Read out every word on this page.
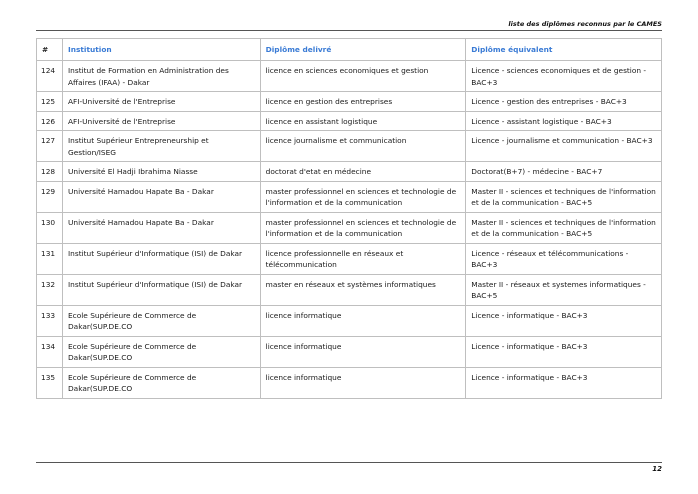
liste des diplômes reconnus par le CAMES
#	Institution	Diplôme delivré	Diplôme équivalent
124	Institut de Formation en Administration des Affaires (IFAA) - Dakar	licence en sciences economiques et gestion	Licence - sciences economiques et de gestion - BAC+3
125	AFI-Université de l'Entreprise	licence en gestion des entreprises	Licence - gestion des entreprises - BAC+3
126	AFI-Université de l'Entreprise	licence en assistant logistique	Licence - assistant logistique - BAC+3
127	Institut Supérieur Entrepreneurship et Gestion/ISEG	licence journalisme et communication	Licence - journalisme et communication - BAC+3
128	Université El Hadji Ibrahima Niasse	doctorat d'etat en médecine	Doctorat(B+7) - médecine - BAC+7
129	Université Hamadou Hapate Ba - Dakar	master professionnel en sciences et technologie de l'information et de la communication	Master II - sciences et techniques de l'information et de la communication - BAC+5
130	Université Hamadou Hapate Ba - Dakar	master professionnel en sciences et technologie de l'information et de la communication	Master II - sciences et techniques de l'information et de la communication - BAC+5
131	Institut Supérieur d'Informatique (ISI) de Dakar	licence professionnelle en réseaux et télécommunication	Licence - réseaux et télécommunications - BAC+3
132	Institut Supérieur d'Informatique (ISI) de Dakar	master en réseaux et systèmes informatiques	Master II - réseaux et systemes informatiques - BAC+5
133	Ecole Supérieure de Commerce de Dakar(SUP.DE.CO	licence informatique	Licence - informatique - BAC+3
134	Ecole Supérieure de Commerce de Dakar(SUP.DE.CO	licence informatique	Licence - informatique - BAC+3
135	Ecole Supérieure de Commerce de Dakar(SUP.DE.CO	licence informatique	Licence - informatique - BAC+3
12
